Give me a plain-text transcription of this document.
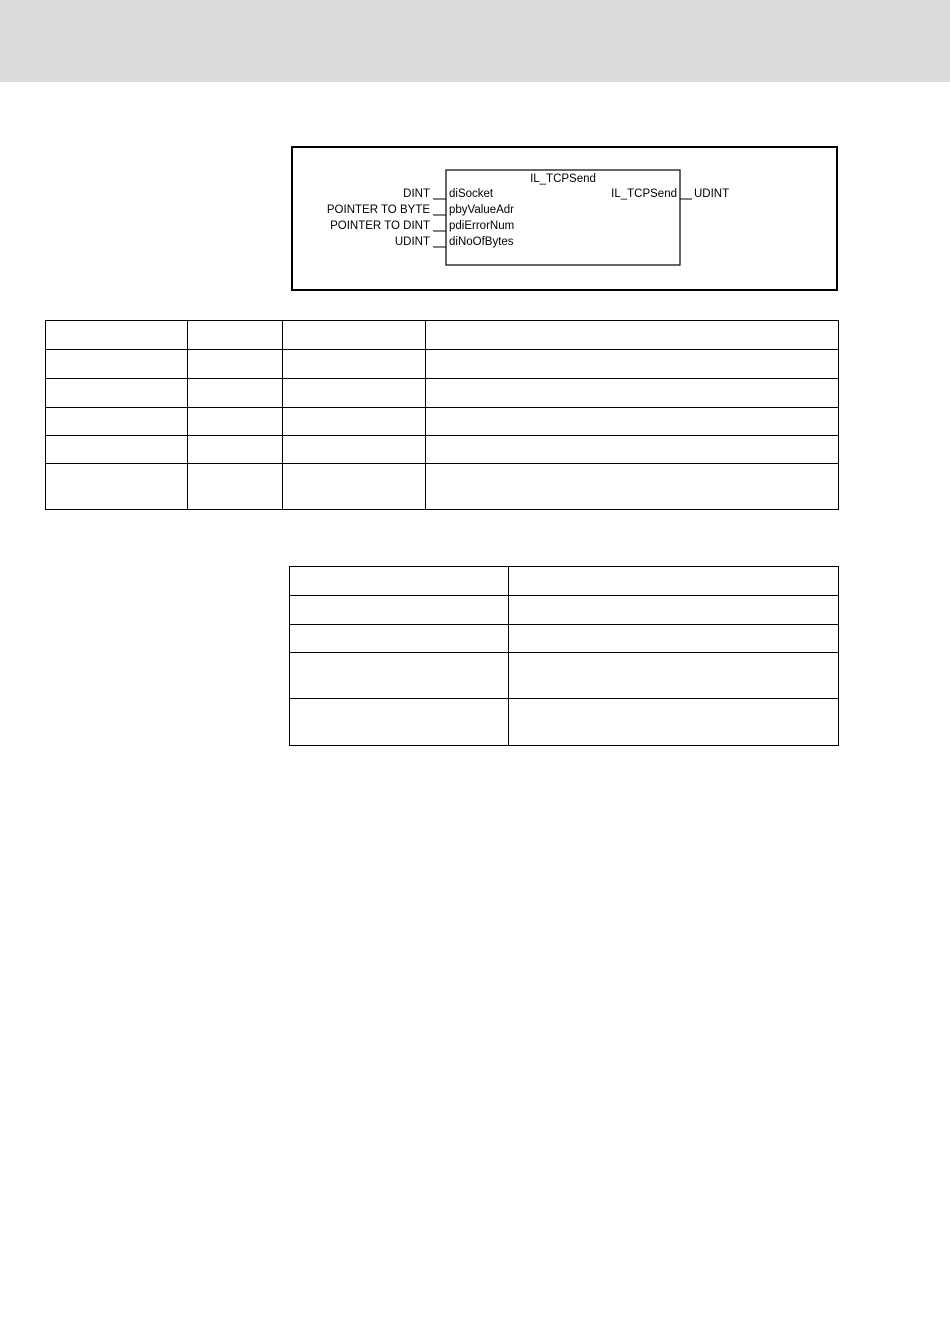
IL_TCPSend
DINT
POINTER TO BYTE
POINTER TO DINT
UDINT
diSocket
pbyValueAdr
pdiErrorNum
diNoOfBytes
IL_TCPSend UDINT
